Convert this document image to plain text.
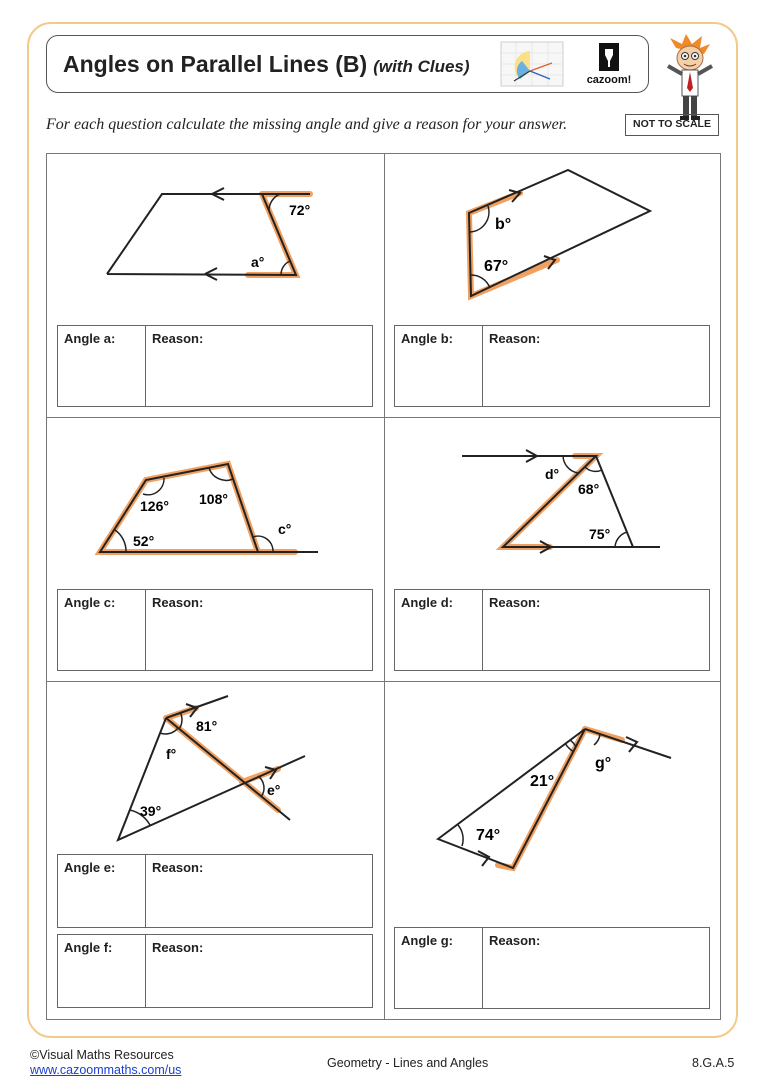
Angles on Parallel Lines (B) (with Clues)
cazoom!
For each question calculate the missing angle and give a reason for your answer.	NOT TO SCALE
72°
a°
b°
67°
126° 108°
52°
c°
d°
68°
75°
81°
f°
e°
39°
g°
21°
74°
Angle a:	Reason:	Angle b:	Reason:
Angle c:	Reason:	Angle d:	Reason:
Angle e:	Reason:
Angle f:	Reason:	Angle g:	Reason:
©Visual Maths Resources
www.cazoommaths.com/us	Geometry - Lines and Angles	8.G.A.5
